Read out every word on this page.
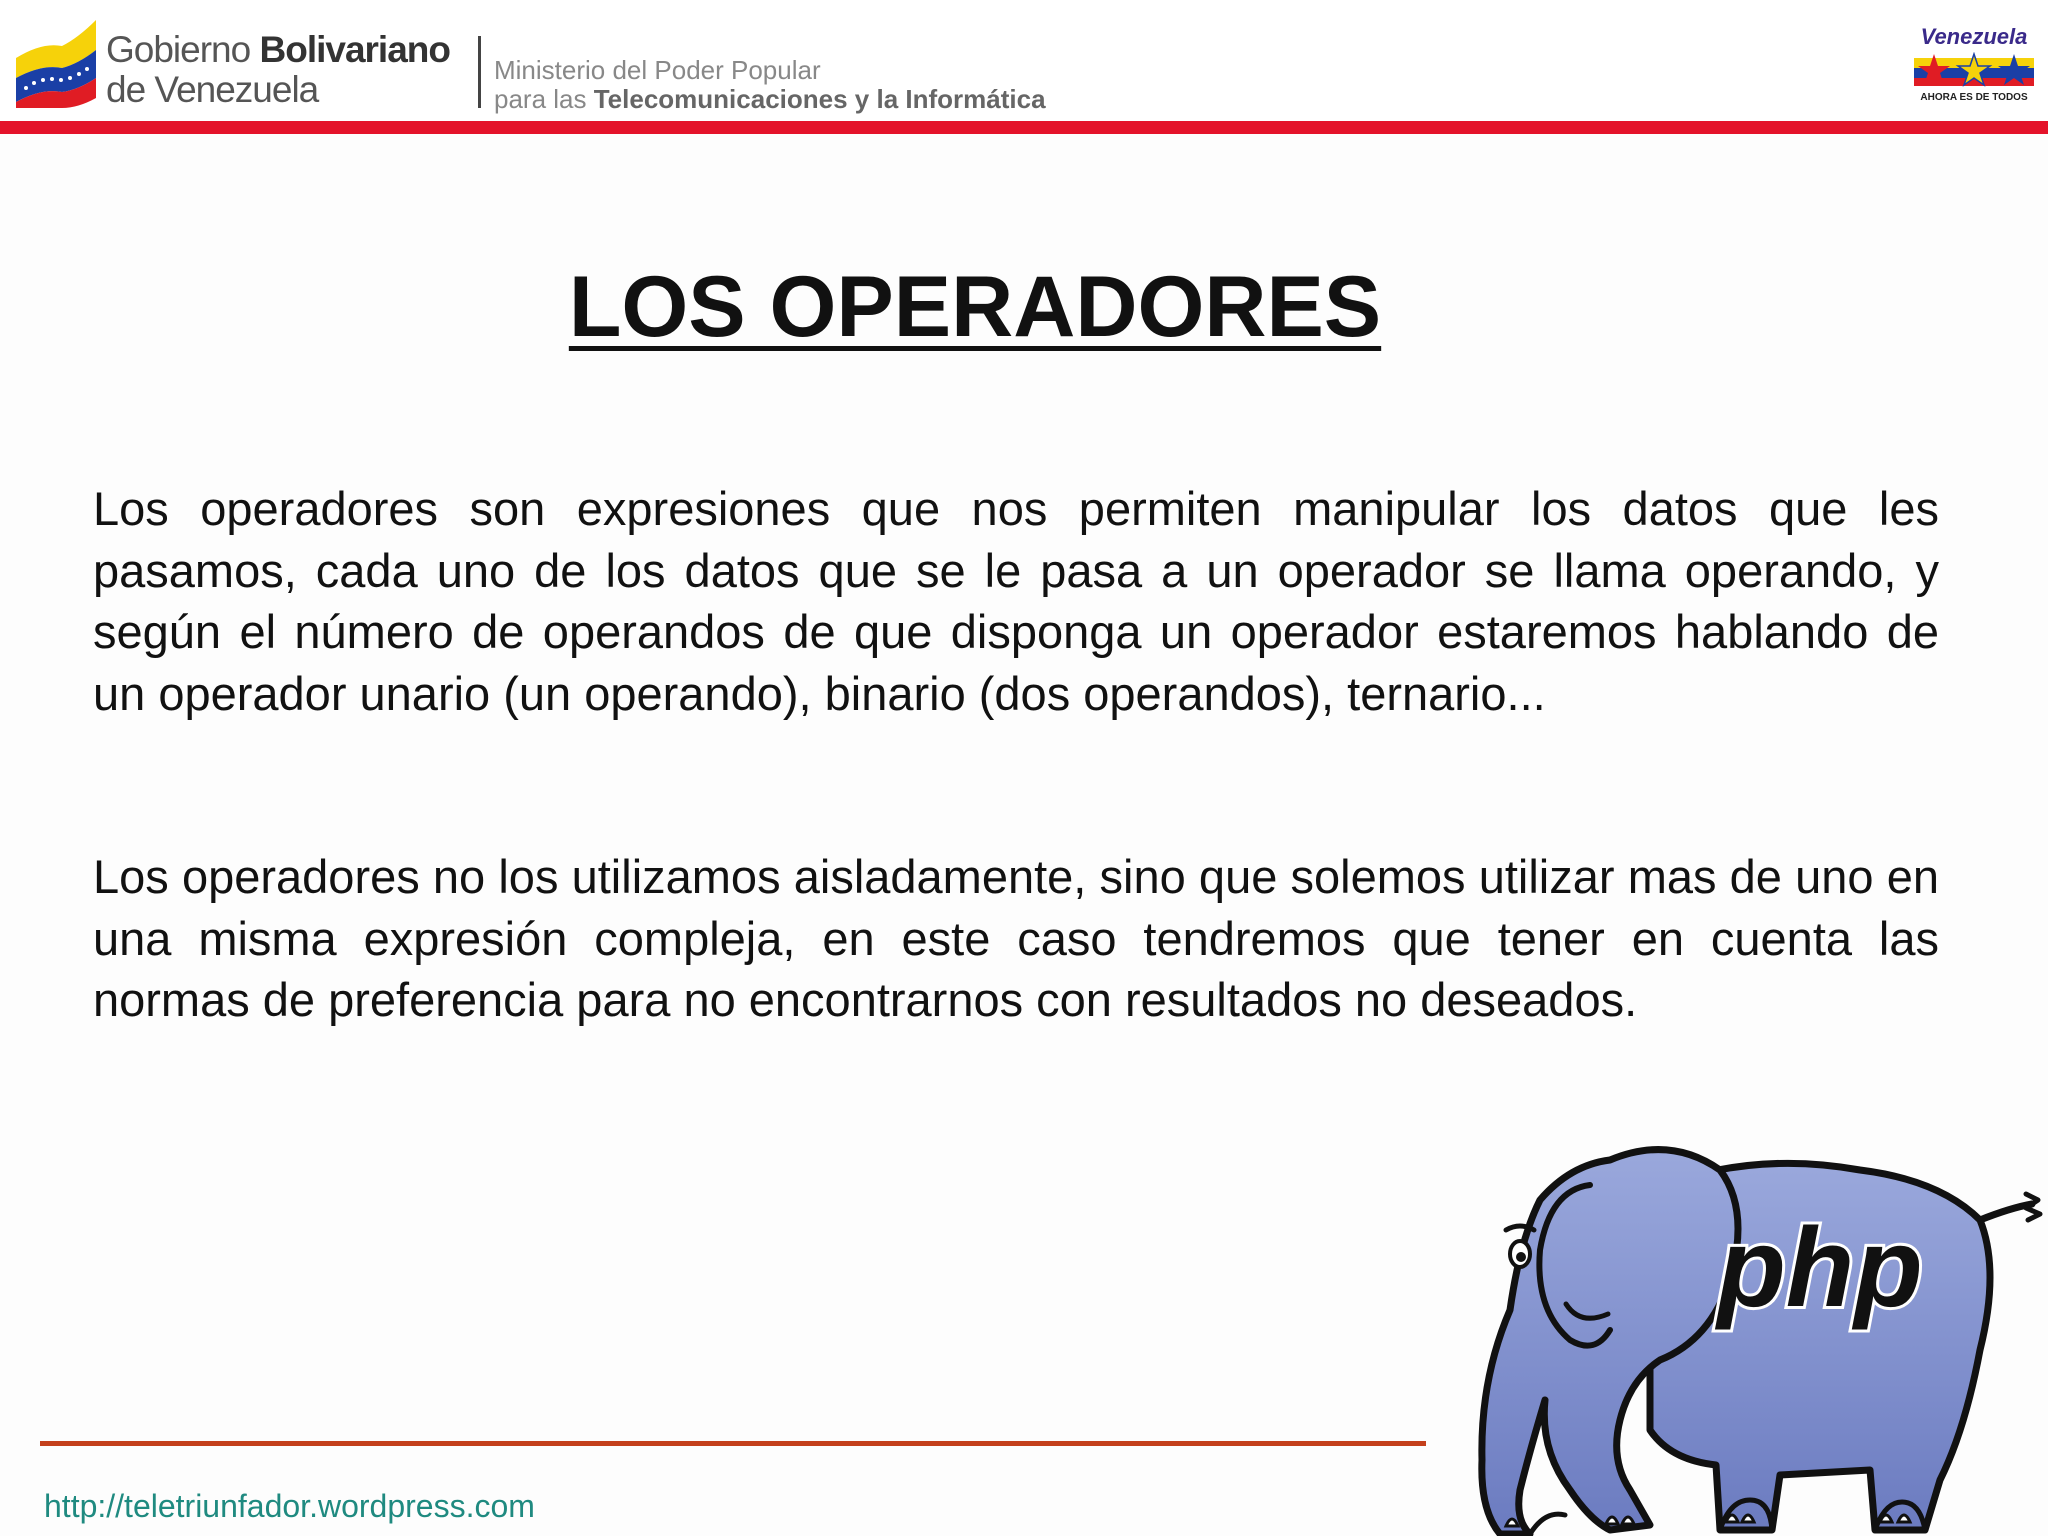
Gobierno Bolivariano
de Venezuela	Ministerio del Poder Popular
para las Telecomunicaciones y la Informática
Venezuela
AHORA ES DE TODOS
LOS OPERADORES

Los operadores son expresiones que nos permiten manipular los datos que les pasamos, cada uno de los datos que se le pasa a un operador se llama operando, y según el número de operandos de que disponga un operador estaremos hablando de un operador unario (un operando), binario (dos operandos), ternario...

Los operadores no los utilizamos aisladamente, sino que solemos utilizar mas de uno en una misma expresión compleja, en este caso tendremos que tener en cuenta las normas de preferencia para no encontrarnos con resultados no deseados.

http://teletriunfador.wordpress.com
php
